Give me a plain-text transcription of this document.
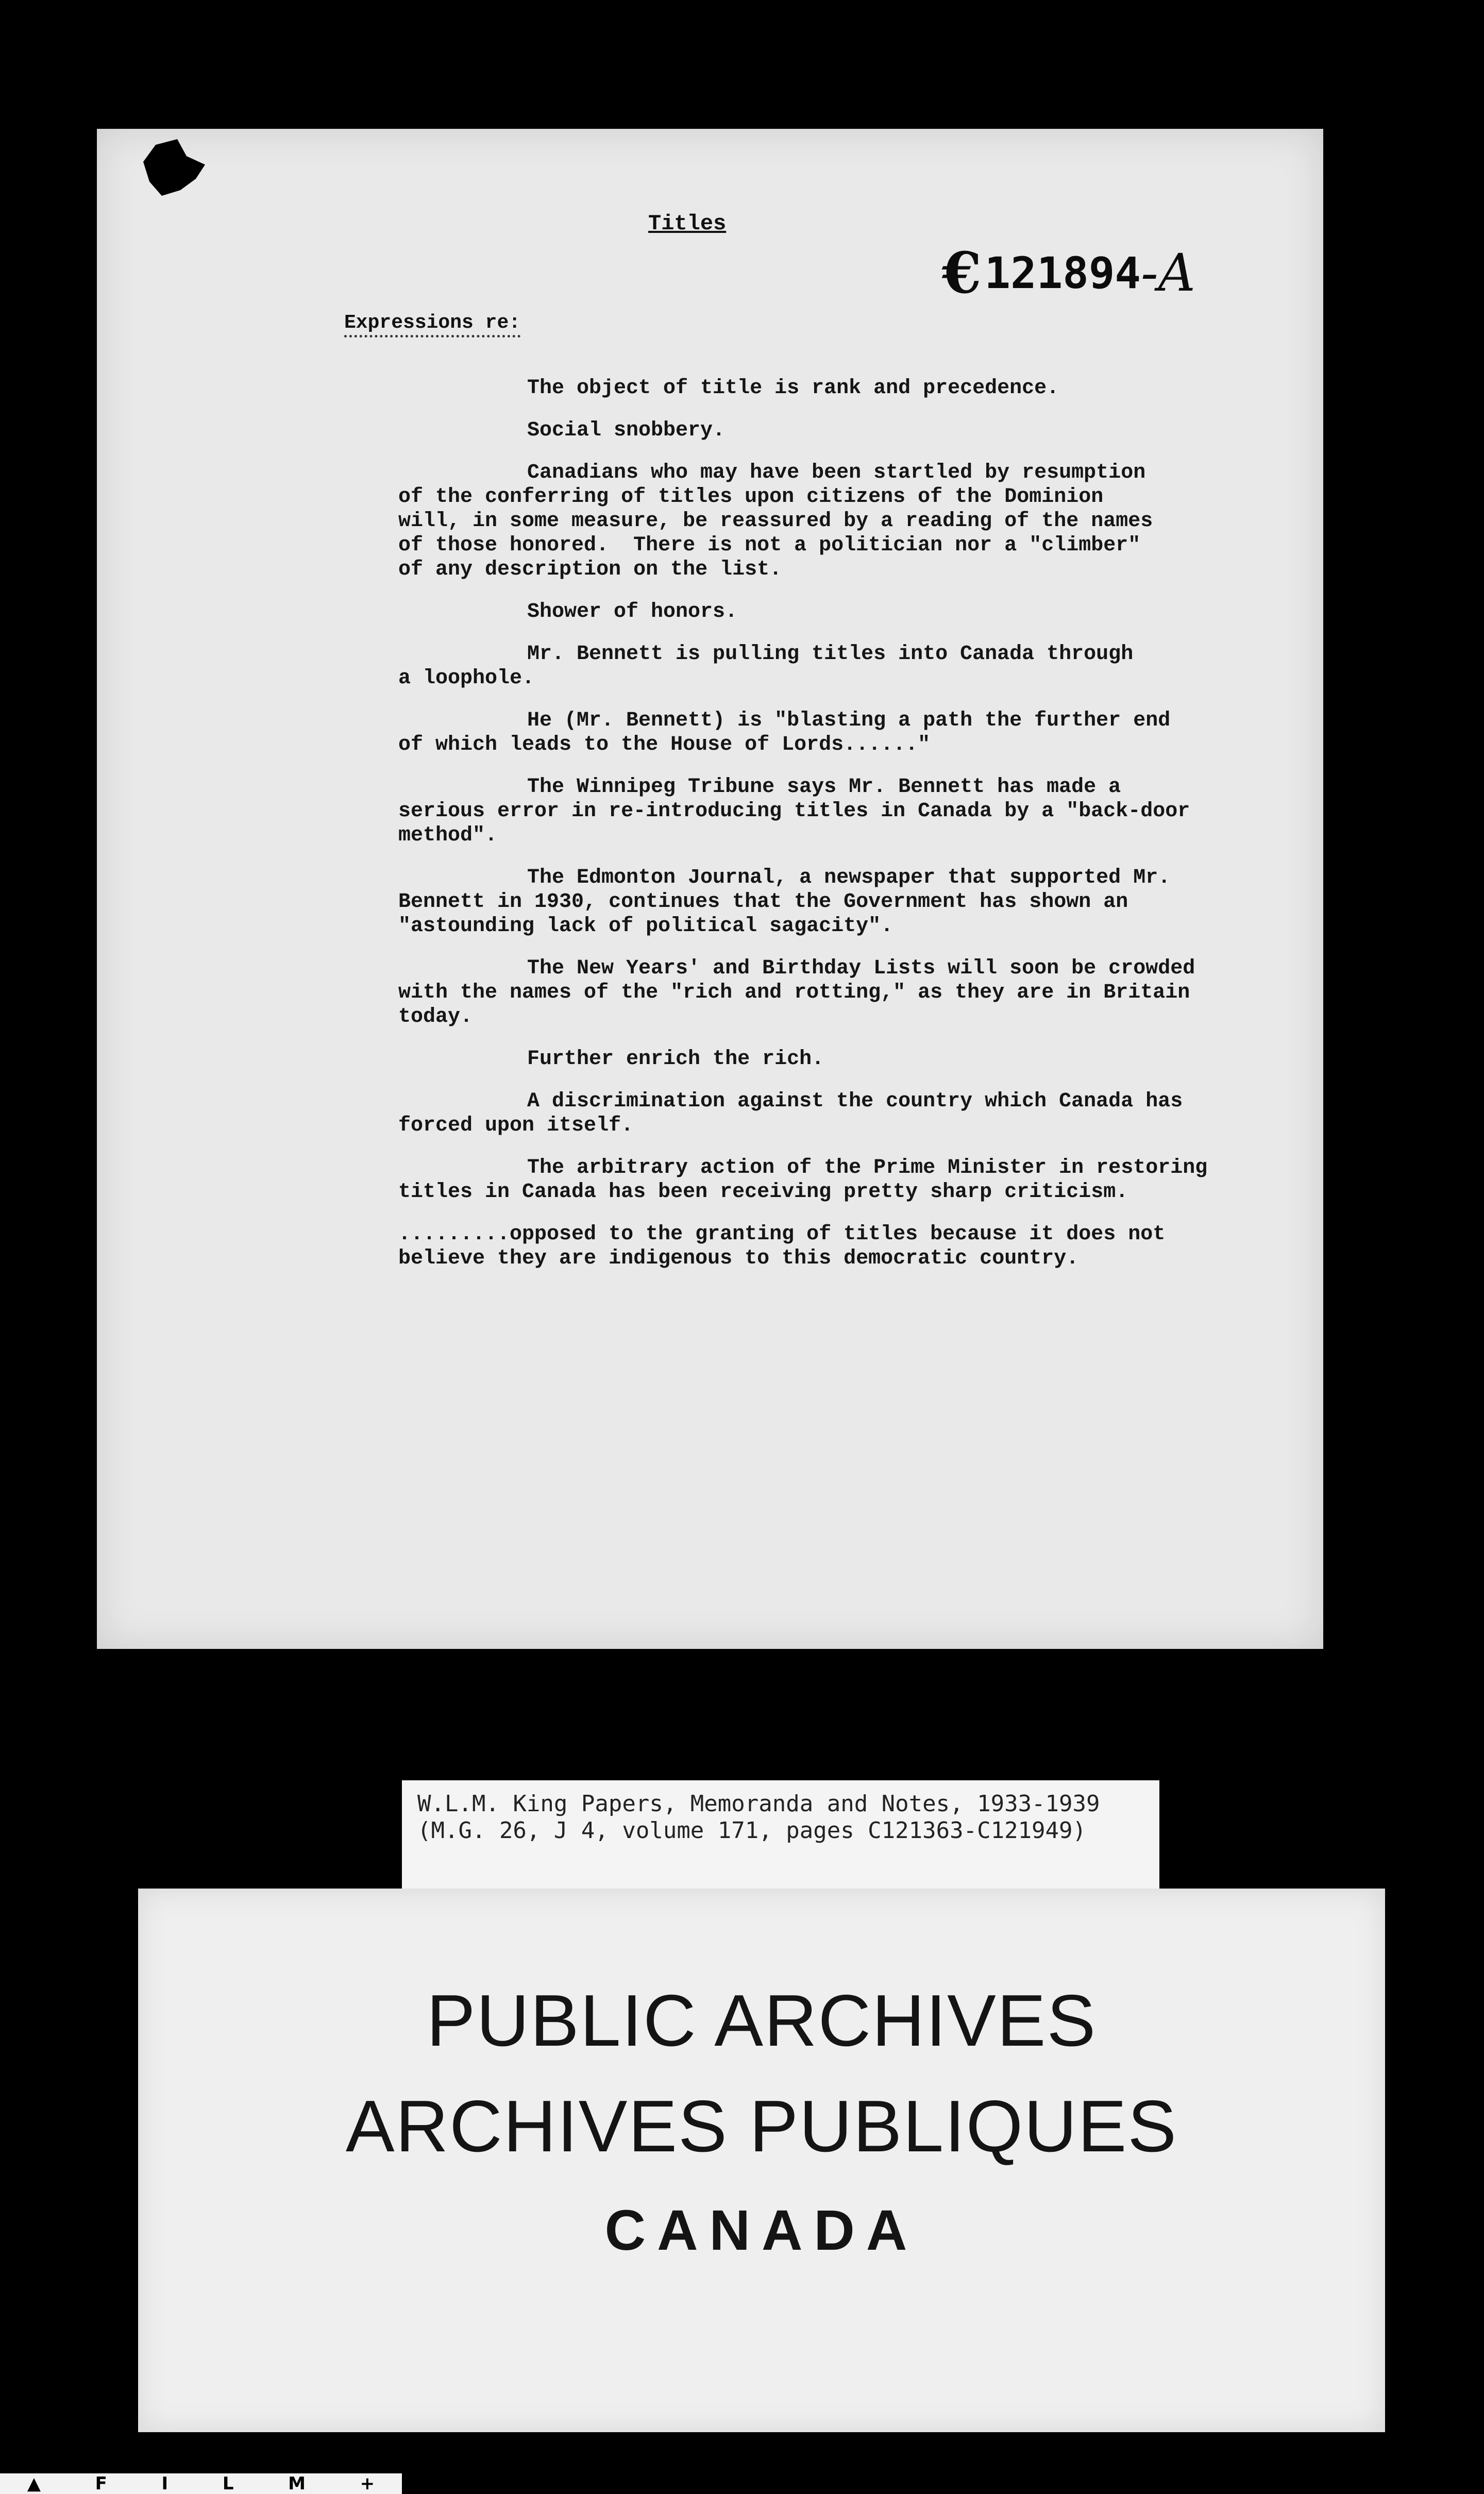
Titles
€ 121894 -A
Expressions re:
The object of title is rank and precedence.
Social snobbery.
Canadians who may have been startled by resumption
of the conferring of titles upon citizens of the Dominion
will, in some measure, be reassured by a reading of the names
of those honored.  There is not a politician nor a "climber"
of any description on the list.
Shower of honors.
Mr. Bennett is pulling titles into Canada through
a loophole.
He (Mr. Bennett) is "blasting a path the further end
of which leads to the House of Lords......"
The Winnipeg Tribune says Mr. Bennett has made a
serious error in re-introducing titles in Canada by a "back-door
method".
The Edmonton Journal, a newspaper that supported Mr.
Bennett in 1930, continues that the Government has shown an
"astounding lack of political sagacity".
The New Years' and Birthday Lists will soon be crowded
with the names of the "rich and rotting," as they are in Britain
today.
Further enrich the rich.
A discrimination against the country which Canada has
forced upon itself.
The arbitrary action of the Prime Minister in restoring
titles in Canada has been receiving pretty sharp criticism.
.........opposed to the granting of titles because it does not
believe they are indigenous to this democratic country.
W.L.M. King Papers, Memoranda and Notes, 1933-1939
(M.G. 26, J 4, volume 171, pages C121363-C121949)
PUBLIC ARCHIVES
ARCHIVES PUBLIQUES
CANADA
▲	F	I	L	M	+
